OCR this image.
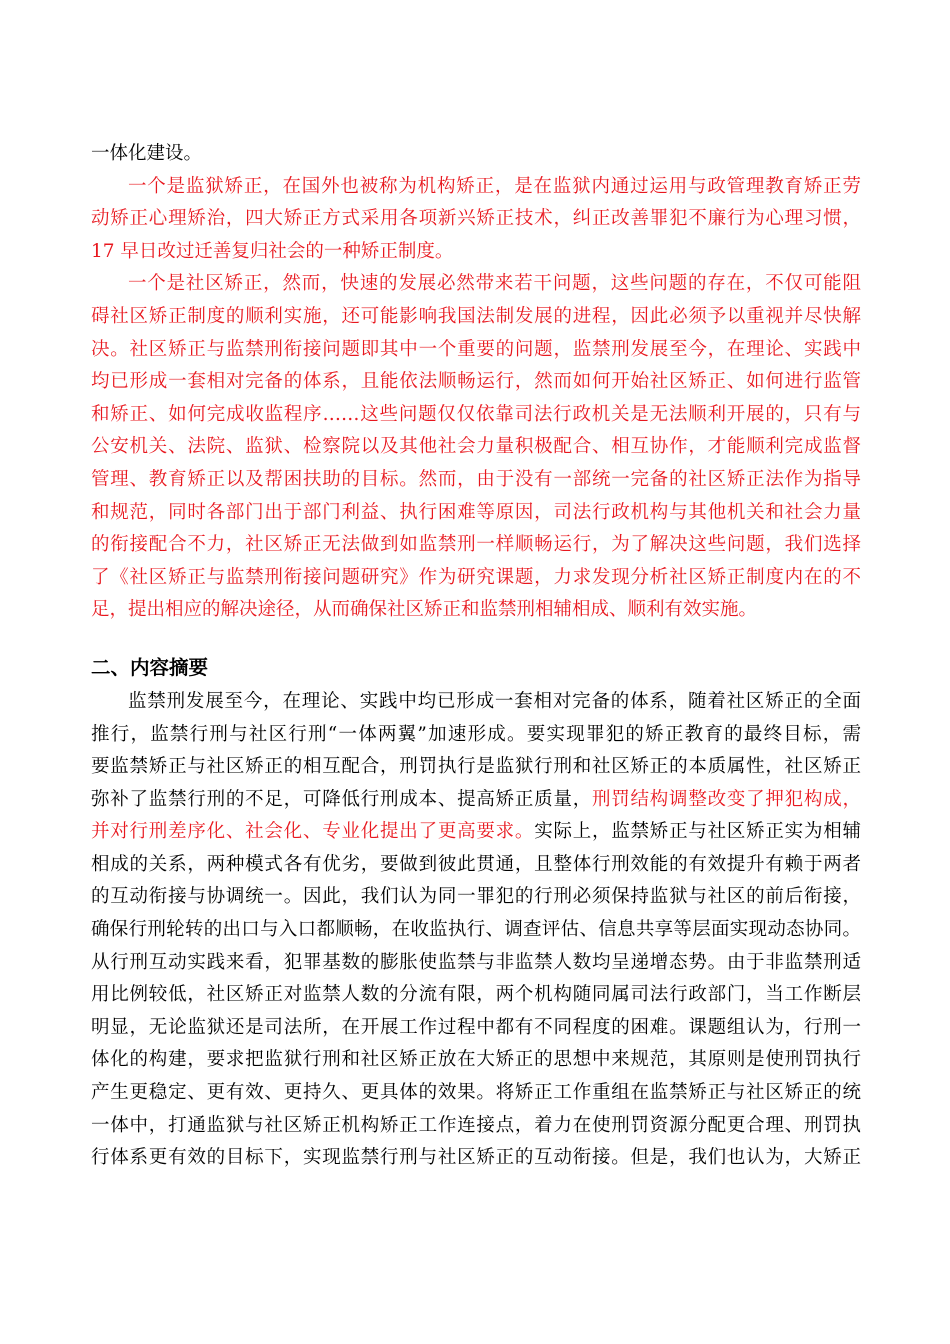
一体化建设。
一个是监狱矫正，在国外也被称为机构矫正，是在监狱内通过运用与政管理教育矫正劳
动矫正心理矫治，四大矫正方式采用各项新兴矫正技术，纠正改善罪犯不廉行为心理习惯，
17 早日改过迁善复归社会的一种矫正制度。
一个是社区矫正，然而，快速的发展必然带来若干问题，这些问题的存在，不仅可能阻
碍社区矫正制度的顺利实施，还可能影响我国法制发展的进程，因此必须予以重视并尽快解
决。社区矫正与监禁刑衔接问题即其中一个重要的问题，监禁刑发展至今，在理论、实践中
均已形成一套相对完备的体系，且能依法顺畅运行，然而如何开始社区矫正、如何进行监管
和矫正、如何完成收监程序……这些问题仅仅依靠司法行政机关是无法顺利开展的，只有与
公安机关、法院、监狱、检察院以及其他社会力量积极配合、相互协作，才能顺利完成监督
管理、教育矫正以及帮困扶助的目标。然而，由于没有一部统一完备的社区矫正法作为指导
和规范，同时各部门出于部门利益、执行困难等原因，司法行政机构与其他机关和社会力量
的衔接配合不力，社区矫正无法做到如监禁刑一样顺畅运行，为了解决这些问题，我们选择
了《社区矫正与监禁刑衔接问题研究》作为研究课题，力求发现分析社区矫正制度内在的不
足，提出相应的解决途径，从而确保社区矫正和监禁刑相辅相成、顺利有效实施。
二、内容摘要
监禁刑发展至今，在理论、实践中均已形成一套相对完备的体系，随着社区矫正的全面
推行，监禁行刑与社区行刑“一体两翼”加速形成。要实现罪犯的矫正教育的最终目标，需
要监禁矫正与社区矫正的相互配合，刑罚执行是监狱行刑和社区矫正的本质属性，社区矫正
弥补了监禁行刑的不足，可降低行刑成本、提高矫正质量，刑罚结构调整改变了押犯构成，
并对行刑差序化、社会化、专业化提出了更高要求。实际上，监禁矫正与社区矫正实为相辅
相成的关系，两种模式各有优劣，要做到彼此贯通，且整体行刑效能的有效提升有赖于两者
的互动衔接与协调统一。因此，我们认为同一罪犯的行刑必须保持监狱与社区的前后衔接，
确保行刑轮转的出口与入口都顺畅，在收监执行、调查评估、信息共享等层面实现动态协同。
从行刑互动实践来看，犯罪基数的膨胀使监禁与非监禁人数均呈递增态势。由于非监禁刑适
用比例较低，社区矫正对监禁人数的分流有限，两个机构随同属司法行政部门，当工作断层
明显，无论监狱还是司法所，在开展工作过程中都有不同程度的困难。课题组认为，行刑一
体化的构建，要求把监狱行刑和社区矫正放在大矫正的思想中来规范，其原则是使刑罚执行
产生更稳定、更有效、更持久、更具体的效果。将矫正工作重组在监禁矫正与社区矫正的统
一体中，打通监狱与社区矫正机构矫正工作连接点，着力在使刑罚资源分配更合理、刑罚执
行体系更有效的目标下，实现监禁行刑与社区矫正的互动衔接。但是，我们也认为，大矫正
